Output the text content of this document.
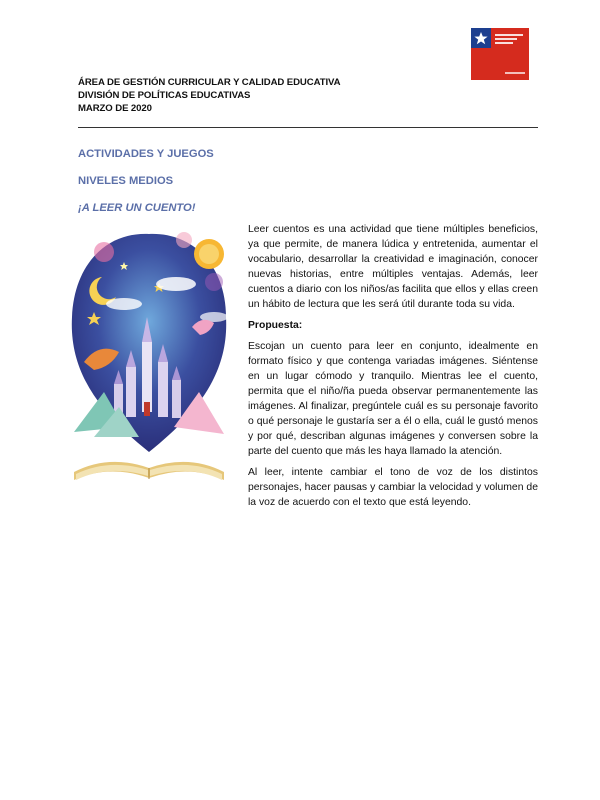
ÁREA DE GESTIÓN CURRICULAR Y CALIDAD EDUCATIVA
DIVISIÓN DE POLÍTICAS EDUCATIVAS
MARZO DE 2020
ACTIVIDADES Y JUEGOS
NIVELES MEDIOS
¡A LEER UN CUENTO!

Leer cuentos es una actividad que tiene múltiples beneficios, ya que permite, de manera lúdica y entretenida, aumentar el vocabulario, desarrollar la creatividad e imaginación, conocer nuevas historias, entre múltiples ventajas. Además, leer cuentos a diario con los niños/as facilita que ellos y ellas creen un hábito de lectura que les será útil durante toda su vida.

Propuesta:

Escojan un cuento para leer en conjunto, idealmente en formato físico y que contenga variadas imágenes. Siéntense en un lugar cómodo y tranquilo. Mientras lee el cuento, permita que el niño/ña pueda observar permanentemente las imágenes. Al finalizar, pregúntele cuál es su personaje favorito o qué personaje le gustaría ser a él o ella, cuál le gustó menos y por qué, describan algunas imágenes y conversen sobre la parte del cuento que más les haya llamado la atención.

Al leer, intente cambiar el tono de voz de los distintos personajes, hacer pausas y cambiar la velocidad y volumen de la voz de acuerdo con el texto que está leyendo.
